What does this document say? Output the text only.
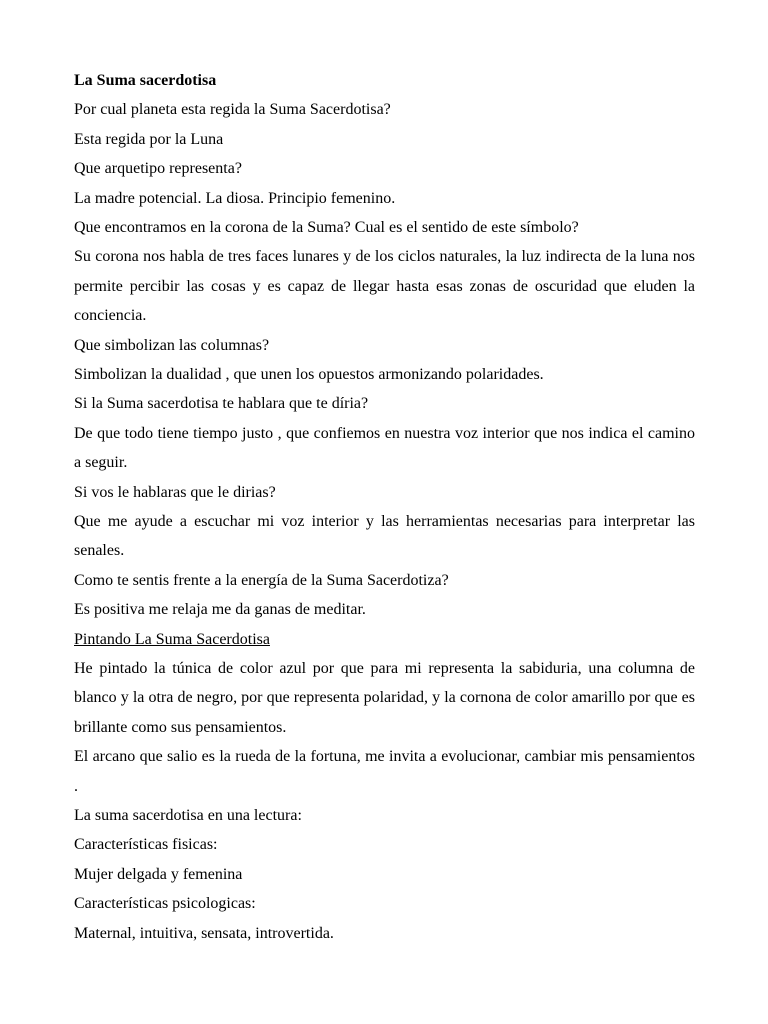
La Suma sacerdotisa
Por cual planeta esta regida la Suma Sacerdotisa?
Esta regida por la Luna
Que arquetipo representa?
La madre potencial. La diosa. Principio femenino.
Que encontramos en la corona de la Suma? Cual es el sentido de este símbolo?
Su corona nos habla de tres faces lunares y de los ciclos naturales, la luz indirecta de la luna nos permite percibir las cosas y es capaz de llegar hasta esas zonas de oscuridad que eluden la conciencia.
Que simbolizan las columnas?
Simbolizan la dualidad , que unen los opuestos armonizando polaridades.
Si la Suma sacerdotisa te hablara que te díria?
De que todo tiene tiempo justo , que confiemos en nuestra voz interior que nos indica el camino a seguir.
Si vos le hablaras que le dirias?
Que me ayude a escuchar mi voz interior y las herramientas necesarias para interpretar las senales.
Como te sentis frente a la energía de la Suma Sacerdotiza?
Es positiva me relaja me da ganas de meditar.
Pintando La Suma Sacerdotisa
He pintado la túnica de color azul por que para mi representa la sabiduria, una columna de blanco y la otra de negro, por que representa polaridad, y la cornona de color amarillo por que es brillante como sus pensamientos.
El arcano que salio es la rueda de la fortuna, me invita a evolucionar, cambiar mis pensamientos .
La suma sacerdotisa en una lectura:
Características fisicas:
Mujer delgada y femenina
Características psicologicas:
Maternal, intuitiva, sensata, introvertida.
